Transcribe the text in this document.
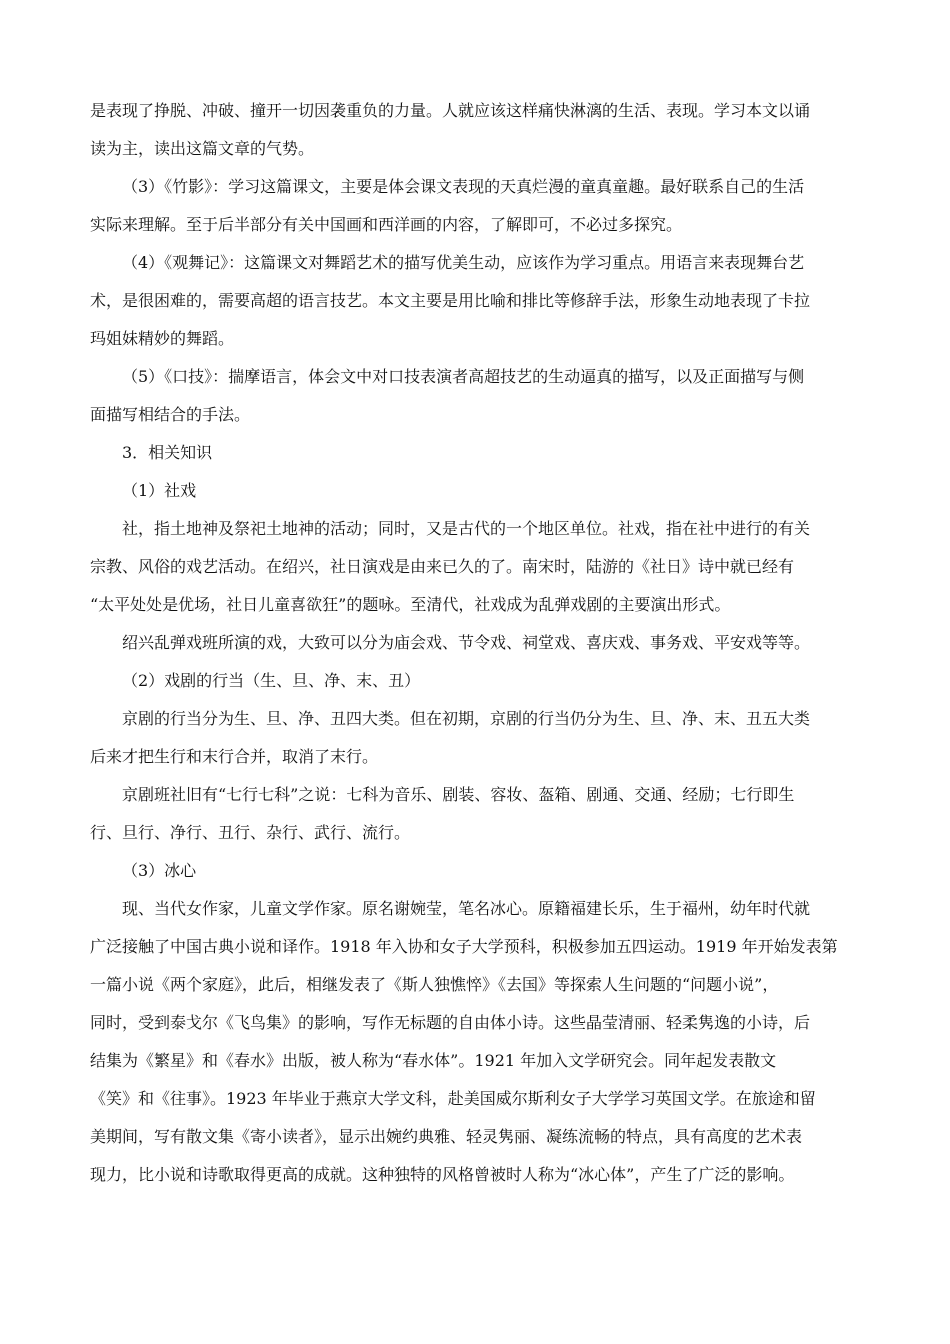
是表现了挣脱、冲破、撞开一切因袭重负的力量。人就应该这样痛快淋漓的生活、表现。学习本文以诵
读为主，读出这篇文章的气势。
（3）《竹影》：学习这篇课文，主要是体会课文表现的天真烂漫的童真童趣。最好联系自己的生活
实际来理解。至于后半部分有关中国画和西洋画的内容，了解即可，不必过多探究。
（4）《观舞记》：这篇课文对舞蹈艺术的描写优美生动，应该作为学习重点。用语言来表现舞台艺
术，是很困难的，需要高超的语言技艺。本文主要是用比喻和排比等修辞手法，形象生动地表现了卡拉
玛姐妹精妙的舞蹈。
（5）《口技》：揣摩语言，体会文中对口技表演者高超技艺的生动逼真的描写，以及正面描写与侧
面描写相结合的手法。
3．相关知识
（1）社戏
社，指土地神及祭祀土地神的活动；同时，又是古代的一个地区单位。社戏，指在社中进行的有关
宗教、风俗的戏艺活动。在绍兴，社日演戏是由来已久的了。南宋时，陆游的《社日》诗中就已经有
“太平处处是优场，社日儿童喜欲狂”的题咏。至清代，社戏成为乱弹戏剧的主要演出形式。
绍兴乱弹戏班所演的戏，大致可以分为庙会戏、节令戏、祠堂戏、喜庆戏、事务戏、平安戏等等。
（2）戏剧的行当（生、旦、净、末、丑）
京剧的行当分为生、旦、净、丑四大类。但在初期，京剧的行当仍分为生、旦、净、末、丑五大类
后来才把生行和末行合并，取消了末行。
京剧班社旧有“七行七科”之说：七科为音乐、剧装、容妆、盔箱、剧通、交通、经励；七行即生
行、旦行、净行、丑行、杂行、武行、流行。
（3）冰心
现、当代女作家，儿童文学作家。原名谢婉莹，笔名冰心。原籍福建长乐，生于福州，幼年时代就
广泛接触了中国古典小说和译作。1918 年入协和女子大学预科，积极参加五四运动。1919 年开始发表第
一篇小说《两个家庭》，此后，相继发表了《斯人独憔悴》《去国》等探索人生问题的“问题小说”，
同时，受到泰戈尔《飞鸟集》的影响，写作无标题的自由体小诗。这些晶莹清丽、轻柔隽逸的小诗，后
结集为《繁星》和《春水》出版，被人称为“春水体”。1921 年加入文学研究会。同年起发表散文
《笑》和《往事》。1923 年毕业于燕京大学文科，赴美国威尔斯利女子大学学习英国文学。在旅途和留
美期间，写有散文集《寄小读者》，显示出婉约典雅、轻灵隽丽、凝练流畅的特点，具有高度的艺术表
现力，比小说和诗歌取得更高的成就。这种独特的风格曾被时人称为“冰心体”，产生了广泛的影响。
